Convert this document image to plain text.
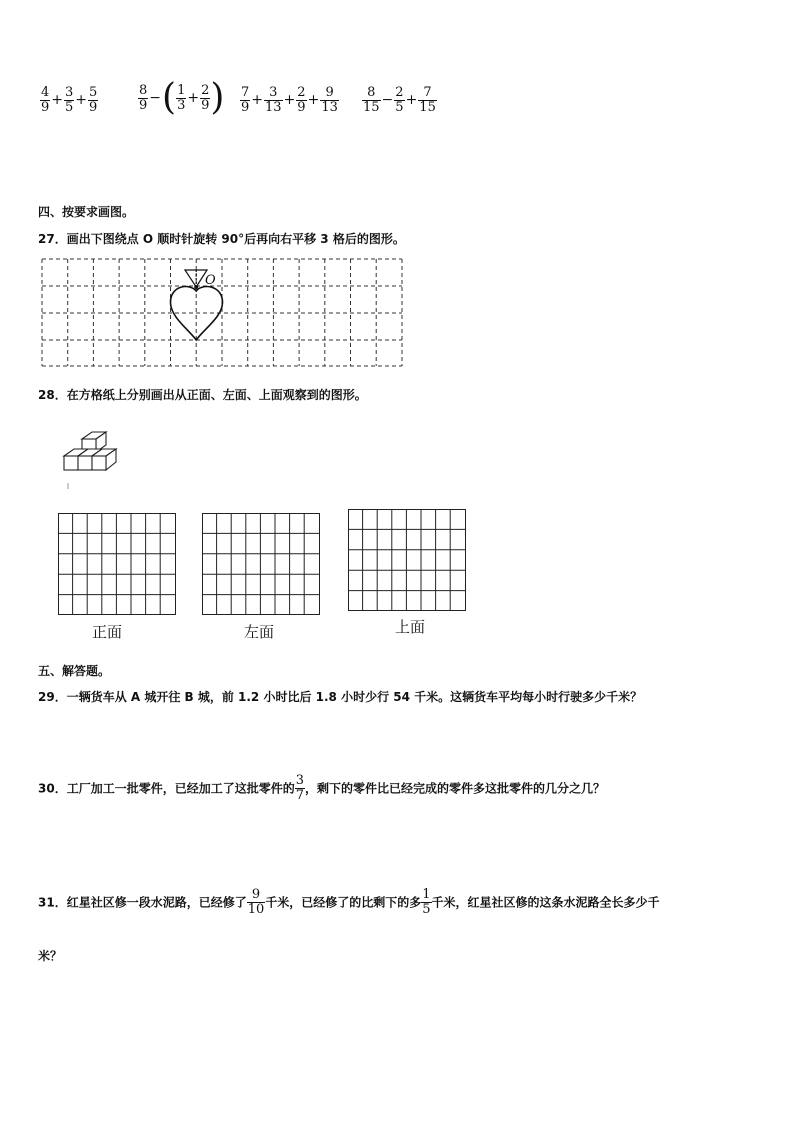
$\frac{4}{9} + \frac{3}{5} + \frac{5}{9}$	$\frac{8}{9}$ −( $\frac{1}{3} + \frac{2}{9}$ ) $\frac{7}{9} + \frac{3}{13} + \frac{2}{9} + \frac{9}{13} \frac{8}{15} - \frac{2}{5} + \frac{7}{15}$
四、按要求画图。
27．画出下图绕点 O 顺时针旋转 90°后再向右平移 3 格后的图形。
O
28．在方格纸上分别画出从正面、左面、上面观察到的图形。
正面	左面	上面
五、解答题。
29．一辆货车从 A 城开往 B 城，前 1.2 小时比后 1.8 小时少行 54 千米。这辆货车平均每小时行驶多少千米？
30．工厂加工一批零件，已经加工了这批零件的 $\frac{3}{7}$ ，剩下的零件比已经完成的零件多这批零件的几分之几？
31．红星社区修一段水泥路，已经修了 $\frac{9}{10}$ 千米，已经修了的比剩下的多 $\frac{1}{5}$ 千米，红星社区修的这条水泥路全长多少千
米？
